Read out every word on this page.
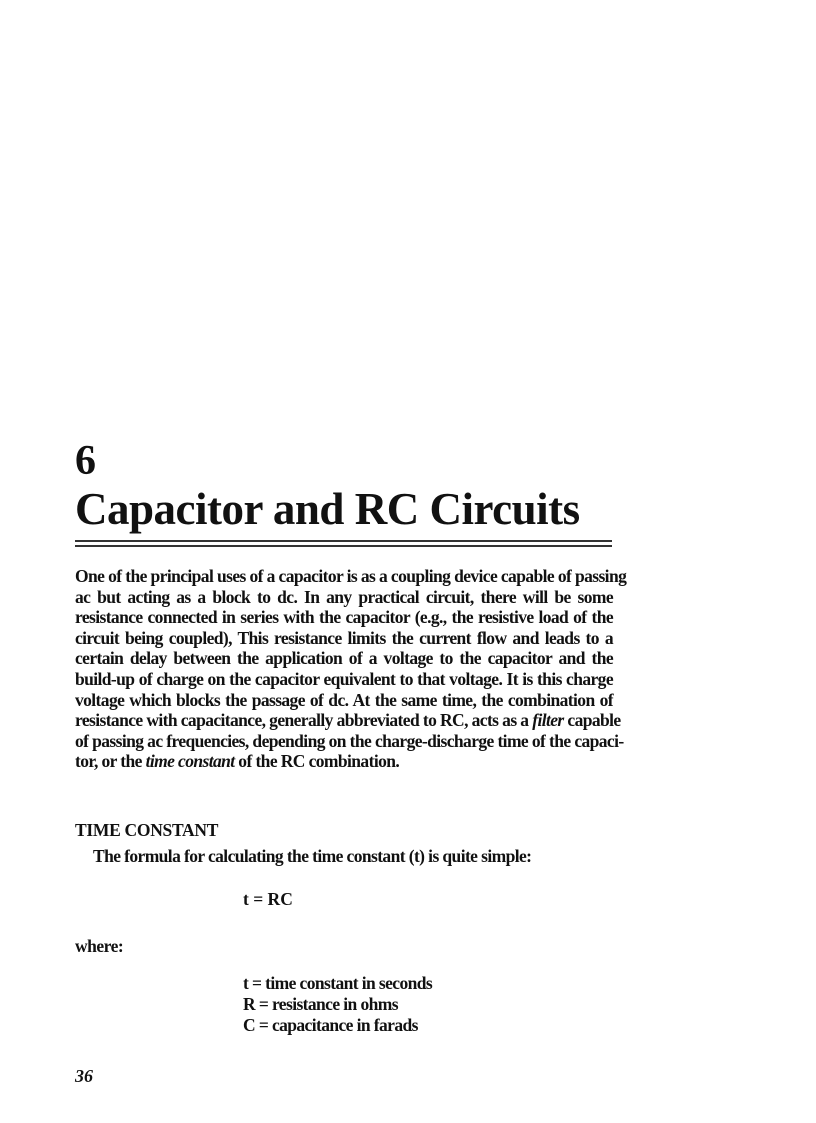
6
Capacitor and RC Circuits
One of the principal uses of a capacitor is as a coupling device capable of passing
ac but acting as a block to dc. In any practical circuit, there will be some
resistance connected in series with the capacitor (e.g., the resistive load of the
circuit being coupled), This resistance limits the current flow and leads to a
certain delay between the application of a voltage to the capacitor and the
build-up of charge on the capacitor equivalent to that voltage. It is this charge
voltage which blocks the passage of dc. At the same time, the combination of
resistance with capacitance, generally abbreviated to RC, acts as a filter capable
of passing ac frequencies, depending on the charge-discharge time of the capaci-
tor, or the time constant of the RC combination.
TIME CONSTANT
The formula for calculating the time constant (t) is quite simple:
t = RC
where:
t = time constant in seconds
R = resistance in ohms
C = capacitance in farads
36
